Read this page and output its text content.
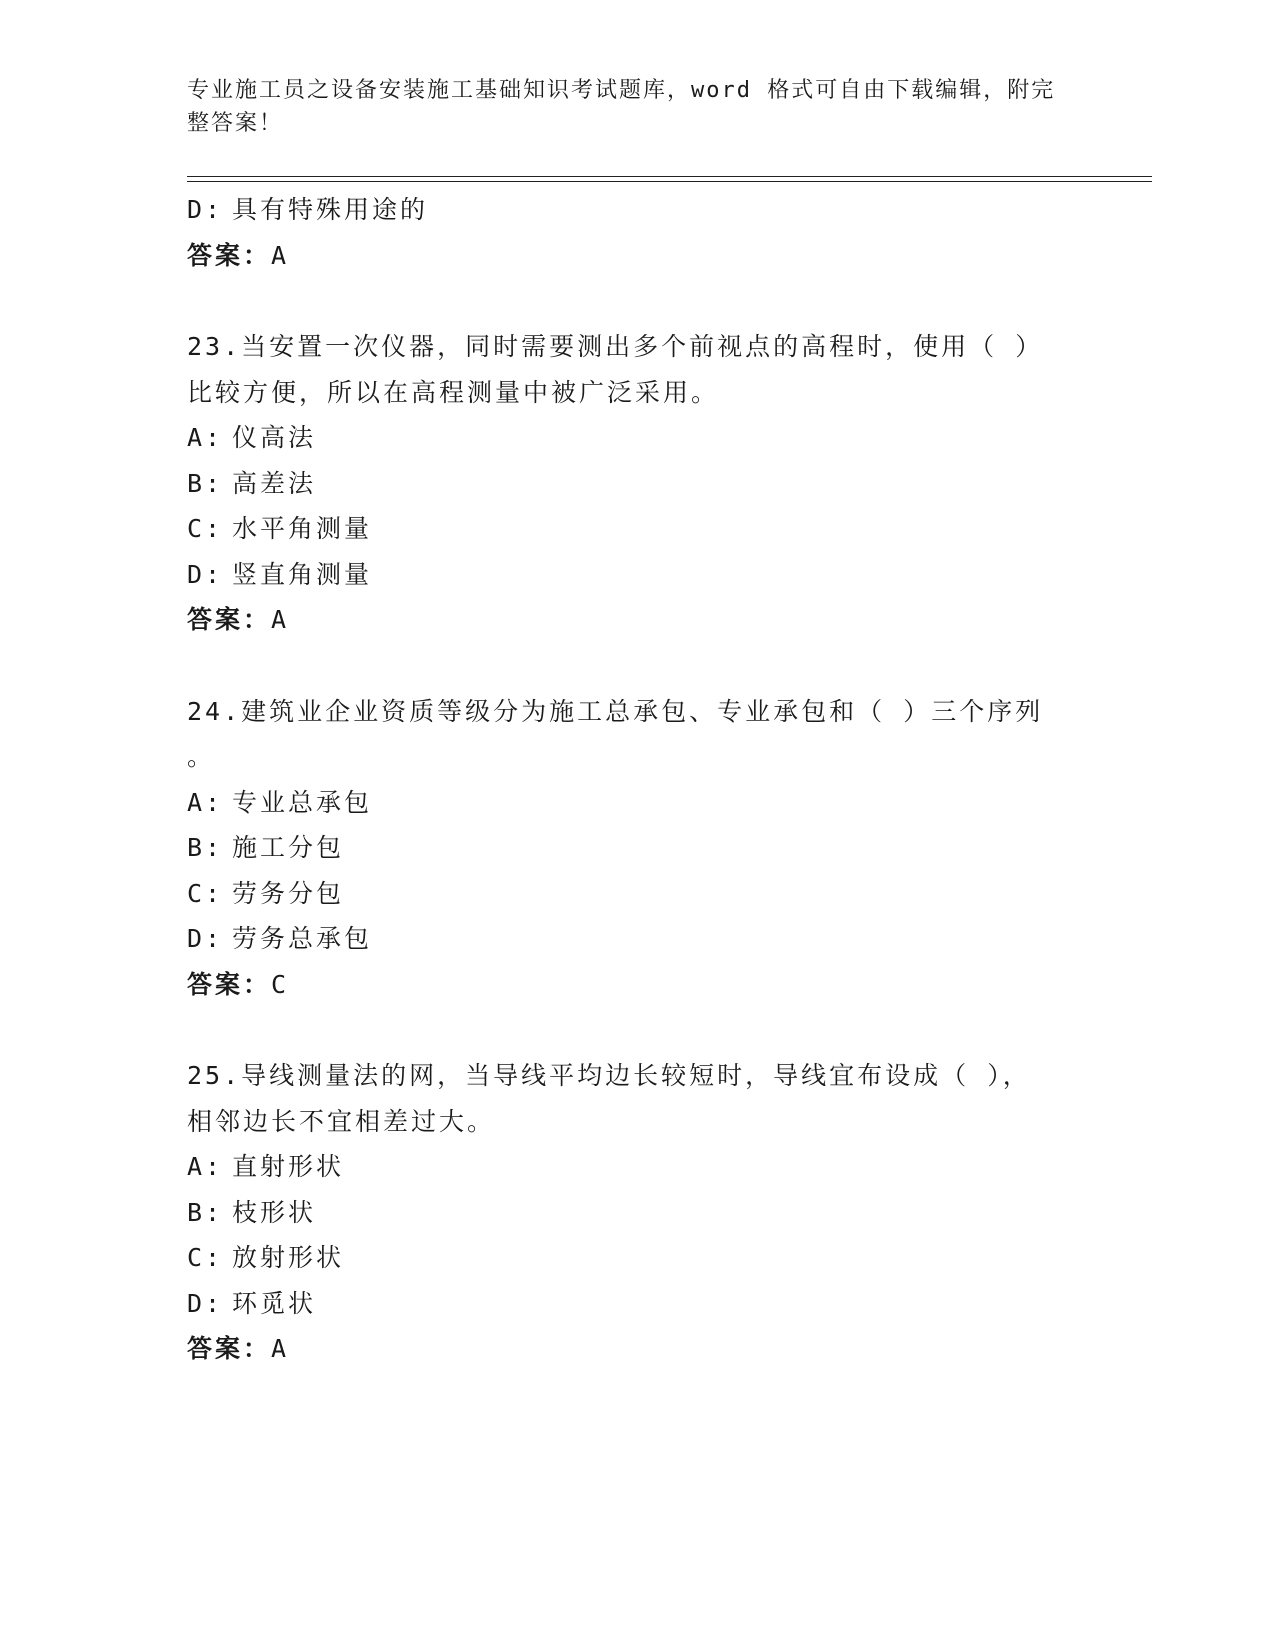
专业施工员之设备安装施工基础知识考试题库，word 格式可自由下载编辑，附完
整答案！
D: 具有特殊用途的
答案：A
23.当安置一次仪器，同时需要测出多个前视点的高程时，使用（ ）
比较方便，所以在高程测量中被广泛采用。
A: 仪高法
B: 高差法
C: 水平角测量
D: 竖直角测量
答案：A
24.建筑业企业资质等级分为施工总承包、专业承包和（ ）三个序列
。
A: 专业总承包
B: 施工分包
C: 劳务分包
D: 劳务总承包
答案：C
25.导线测量法的网，当导线平均边长较短时，导线宜布设成（ ），
相邻边长不宜相差过大。
A: 直射形状
B: 枝形状
C: 放射形状
D: 环觅状
答案：A
